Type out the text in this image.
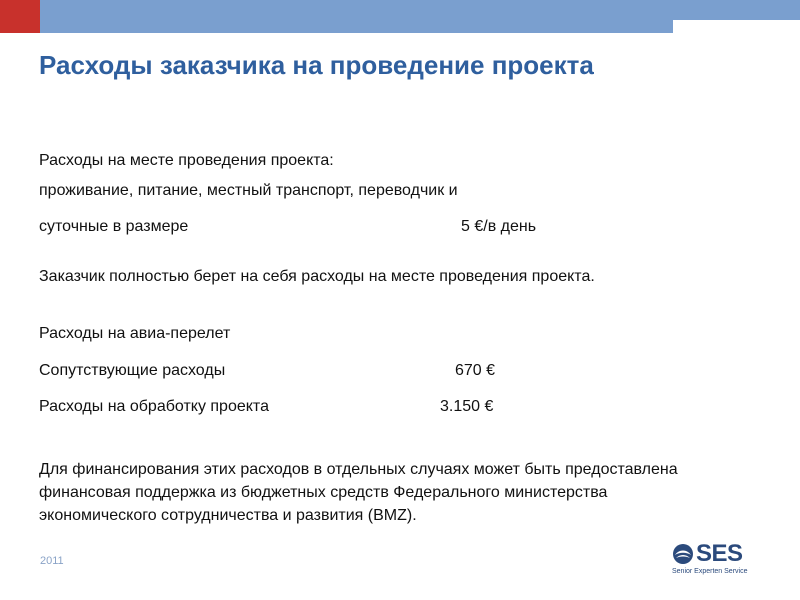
Расходы заказчика на проведение проекта
Расходы на месте проведения проекта:
проживание, питание, местный транспорт, переводчик и
суточные в размере	5 €/в день
Заказчик полностью берет на себя расходы на месте проведения проекта.
Расходы на авиа-перелет
Сопутствующие расходы	670 €
Расходы на обработку проекта	3.150 €
Для финансирования этих расходов в отдельных случаях может быть предоставлена финансовая поддержка из бюджетных средств Федерального министерства экономического сотрудничества и развития (BMZ).
2011	SES
Senior Experten Service
